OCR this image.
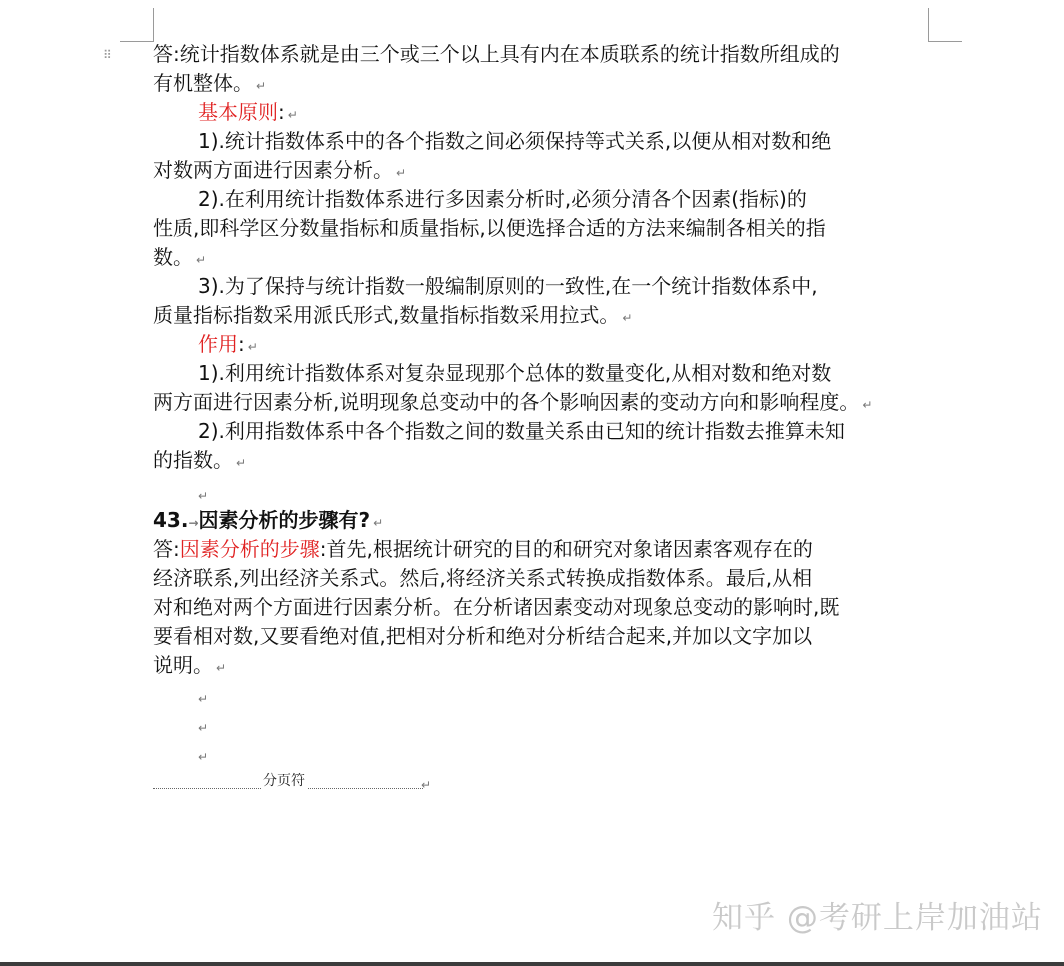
⠿ 答:统计指数体系就是由三个或三个以上具有内在本质联系的统计指数所组成的
有机整体。 ↵
基本原则: ↵
1).统计指数体系中的各个指数之间必须保持等式关系,以便从相对数和绝
对数两方面进行因素分析。 ↵
2).在利用统计指数体系进行多因素分析时,必须分清各个因素(指标)的
性质,即科学区分数量指标和质量指标,以便选择合适的方法来编制各相关的指
数。 ↵
3).为了保持与统计指数一般编制原则的一致性,在一个统计指数体系中,
质量指标指数采用派氏形式,数量指标指数采用拉式。 ↵
作用: ↵
1).利用统计指数体系对复杂显现那个总体的数量变化,从相对数和绝对数
两方面进行因素分析,说明现象总变动中的各个影响因素的变动方向和影响程度。 ↵
2).利用指数体系中各个指数之间的数量关系由已知的统计指数去推算未知
的指数。 ↵
↵
43.→因素分析的步骤有? ↵
答:因素分析的步骤:首先,根据统计研究的目的和研究对象诸因素客观存在的
经济联系,列出经济关系式。然后,将经济关系式转换成指数体系。最后,从相
对和绝对两个方面进行因素分析。在分析诸因素变动对现象总变动的影响时,既
要看相对数,又要看绝对值,把相对分析和绝对分析结合起来,并加以文字加以
说明。 ↵
↵
↵
↵
分页符	↵
知乎 @考研上岸加油站
